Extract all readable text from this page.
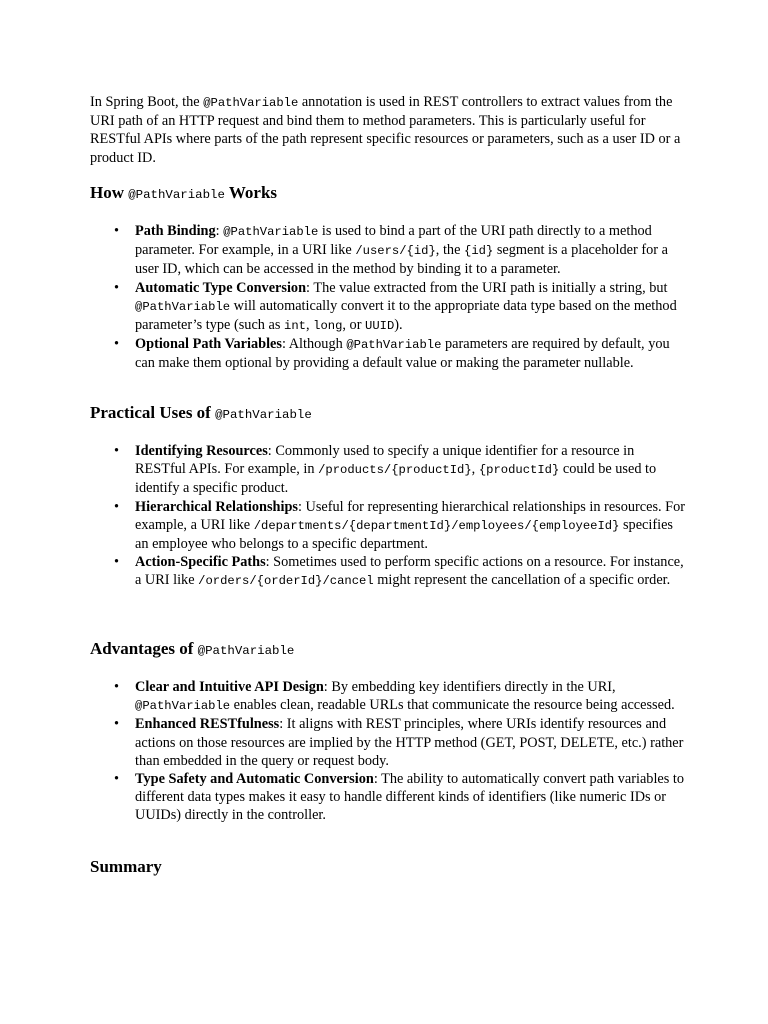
In Spring Boot, the @PathVariable annotation is used in REST controllers to extract values from the URI path of an HTTP request and bind them to method parameters. This is particularly useful for RESTful APIs where parts of the path represent specific resources or parameters, such as a user ID or a product ID.

How @PathVariable Works
• Path Binding: @PathVariable is used to bind a part of the URI path directly to a method parameter. For example, in a URI like /users/{id}, the {id} segment is a placeholder for a user ID, which can be accessed in the method by binding it to a parameter.
• Automatic Type Conversion: The value extracted from the URI path is initially a string, but @PathVariable will automatically convert it to the appropriate data type based on the method parameter’s type (such as int, long, or UUID).
• Optional Path Variables: Although @PathVariable parameters are required by default, you can make them optional by providing a default value or making the parameter nullable.
Practical Uses of @PathVariable
• Identifying Resources: Commonly used to specify a unique identifier for a resource in RESTful APIs. For example, in /products/{productId}, {productId} could be used to identify a specific product.
• Hierarchical Relationships: Useful for representing hierarchical relationships in resources. For example, a URI like /departments/{departmentId}/employees/{employeeId} specifies an employee who belongs to a specific department.
• Action-Specific Paths: Sometimes used to perform specific actions on a resource. For instance, a URI like /orders/{orderId}/cancel might represent the cancellation of a specific order.
Advantages of @PathVariable
• Clear and Intuitive API Design: By embedding key identifiers directly in the URI, @PathVariable enables clean, readable URLs that communicate the resource being accessed.
• Enhanced RESTfulness: It aligns with REST principles, where URIs identify resources and actions on those resources are implied by the HTTP method (GET, POST, DELETE, etc.) rather than embedded in the query or request body.
• Type Safety and Automatic Conversion: The ability to automatically convert path variables to different data types makes it easy to handle different kinds of identifiers (like numeric IDs or UUIDs) directly in the controller.
Summary
